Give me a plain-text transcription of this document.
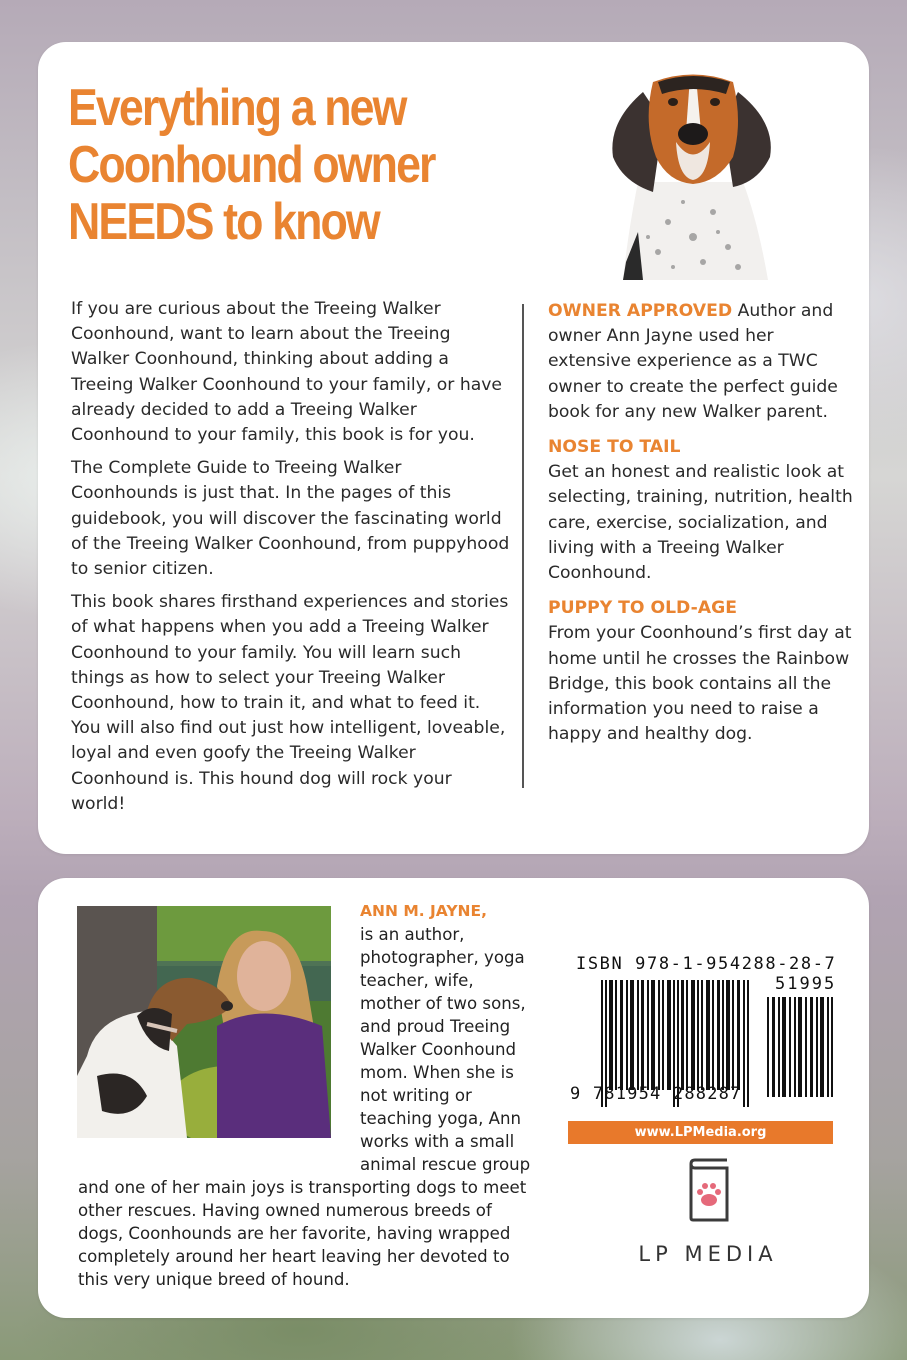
Everything a new Coonhound owner NEEDS to know

If you are curious about the Treeing Walker Coonhound, want to learn about the Treeing Walker Coonhound, thinking about adding a Treeing Walker Coonhound to your family, or have already decided to add a Treeing Walker Coonhound to your family, this book is for you.

The Complete Guide to Treeing Walker Coonhounds is just that. In the pages of this guidebook, you will discover the fascinating world of the Treeing Walker Coonhound, from puppyhood to senior citizen.

This book shares firsthand experiences and stories of what happens when you add a Treeing Walker Coonhound to your family. You will learn such things as how to select your Treeing Walker Coonhound, how to train it, and what to feed it. You will also find out just how intelligent, loveable, loyal and even goofy the Treeing Walker Coonhound is. This hound dog will rock your world!

OWNER APPROVED Author and owner Ann Jayne used her extensive experience as a TWC owner to create the perfect guide book for any new Walker parent.
NOSE TO TAIL
Get an honest and realistic look at selecting, training, nutrition, health care, exercise, socialization, and living with a Treeing Walker Coonhound.
PUPPY TO OLD-AGE
From your Coonhound’s first day at home until he crosses the Rainbow Bridge, this book contains all the information you need to raise a happy and healthy dog.
ANN M. JAYNE,
is an author, photographer, yoga teacher, wife, mother of two sons, and proud Treeing Walker Coonhound mom. When she is not writing or teaching yoga, Ann works with a small animal rescue group and one of her main joys is transporting dogs to meet other rescues. Having owned numerous breeds of dogs, Coonhounds are her favorite, having wrapped completely around her heart leaving her devoted to this very unique breed of hound.
ISBN 978-1-954288-28-7
51995
9 781954 288287
www.LPMedia.org
LP MEDIA
